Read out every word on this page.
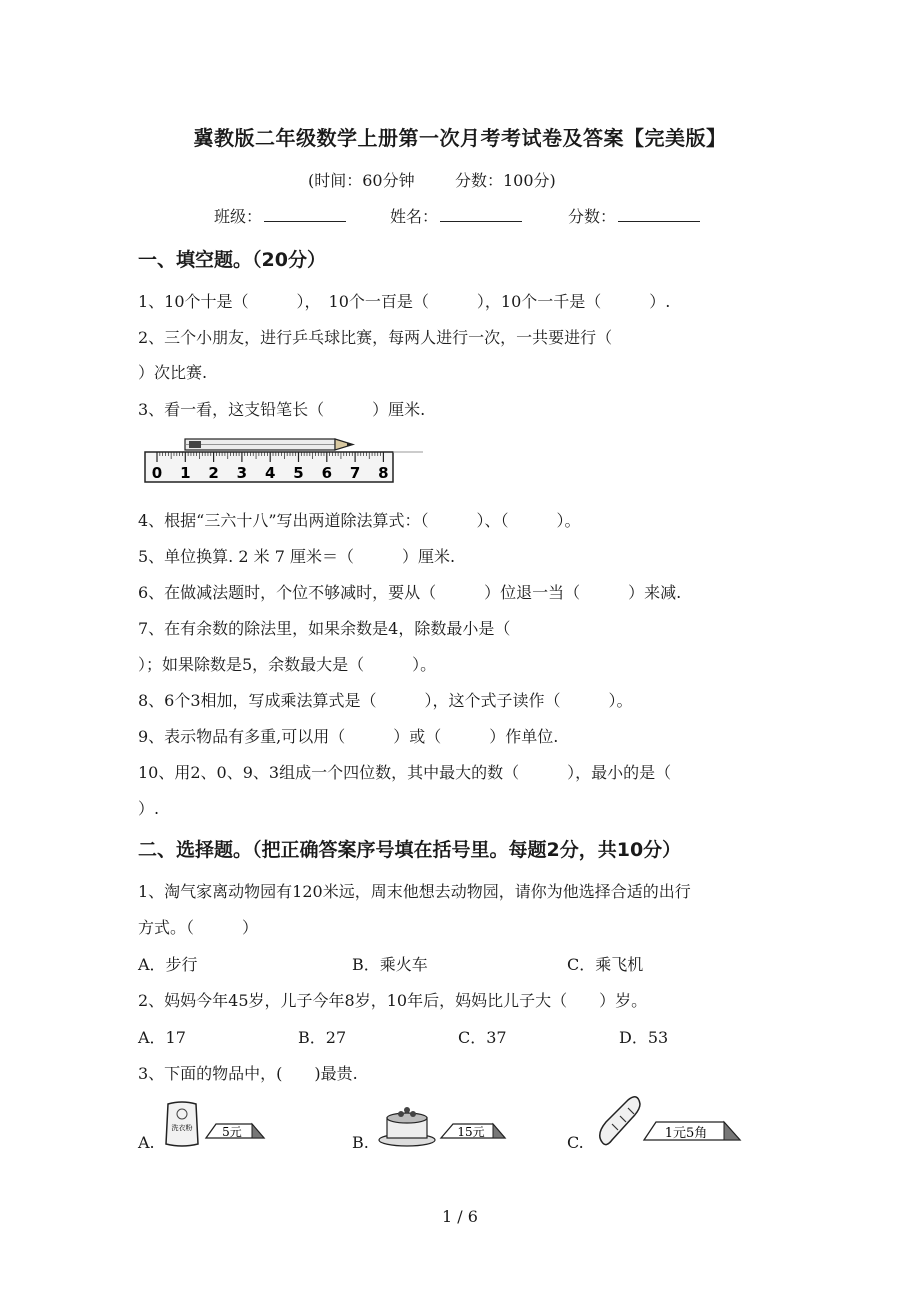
冀教版二年级数学上册第一次月考考试卷及答案【完美版】
(时间：60分钟	分数：100分)
班级：	姓名：	分数：
一、填空题。（20分）
1、10个十是（　　　），　10个一百是（　　　），10个一千是（　　　）.
2、三个小朋友，进行乒乓球比赛，每两人进行一次，一共要进行（
）次比赛.
3、看一看，这支铅笔长（　　　）厘米.
0 1 2 3 4 5 6 7 8
4、根据“三六十八”写出两道除法算式：（　　　）、（　　　）。
5、单位换算. 2 米 7 厘米＝（　　　）厘米.
6、在做减法题时，个位不够减时，要从（　　　）位退一当（　　　）来减.
7、在有余数的除法里，如果余数是4，除数最小是（
）；如果除数是5，余数最大是（　　　）。
8、6个3相加，写成乘法算式是（　　　），这个式子读作（　　　）。
9、表示物品有多重,可以用（　　　）或（　　　）作单位.
10、用2、0、9、3组成一个四位数，其中最大的数（　　　），最小的是（
）.
二、选择题。（把正确答案序号填在括号里。每题2分，共10分）
1、淘气家离动物园有120米远，周末他想去动物园，请你为他选择合适的出行
方式。（　　　）
A．步行	B．乘火车	C．乘飞机
2、妈妈今年45岁，儿子今年8岁，10年后，妈妈比儿子大（　　）岁。
A．17	B．27	C．37	D．53
3、下面的物品中，(　　)最贵.
A.
洗衣粉 5元
B.
15元
C.	1元5角
1 / 6
